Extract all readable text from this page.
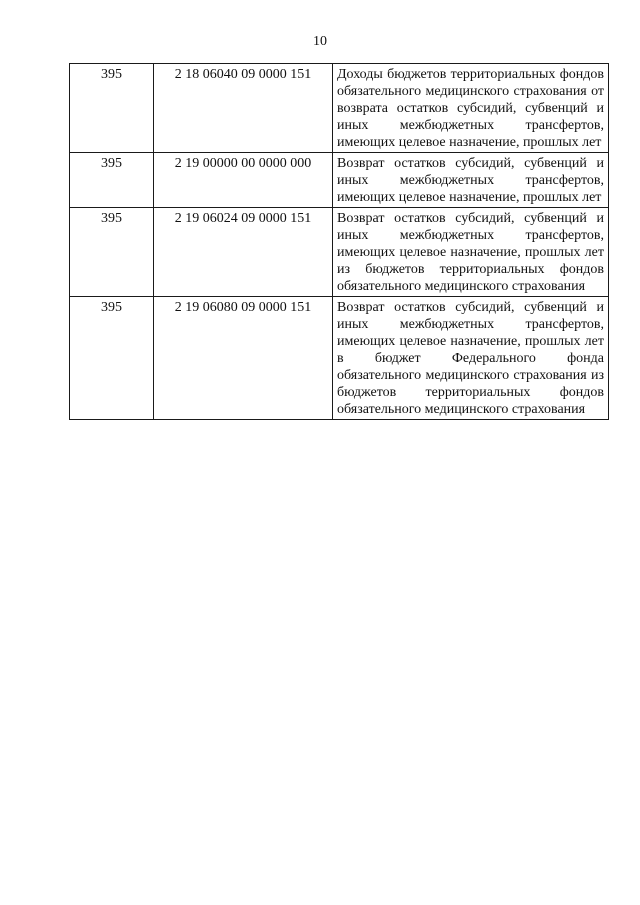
10
395	2 18 06040 09 0000 151	Доходы бюджетов территориальных фондов обязательного медицинского страхования от возврата остатков субсидий, субвенций и иных межбюджетных трансфертов, имеющих целевое назначение, прошлых лет
395	2 19 00000 00 0000 000	Возврат остатков субсидий, субвенций и иных межбюджетных трансфертов, имеющих целевое назначение, прошлых лет
395	2 19 06024 09 0000 151	Возврат остатков субсидий, субвенций и иных межбюджетных трансфертов, имеющих целевое назначение, прошлых лет из бюджетов территориальных фондов обязательного медицинского страхования
395	2 19 06080 09 0000 151	Возврат остатков субсидий, субвенций и иных межбюджетных трансфертов, имеющих целевое назначение, прошлых лет в бюджет Федерального фонда обязательного медицинского страхования из бюджетов территориальных фондов обязательного медицинского страхования
